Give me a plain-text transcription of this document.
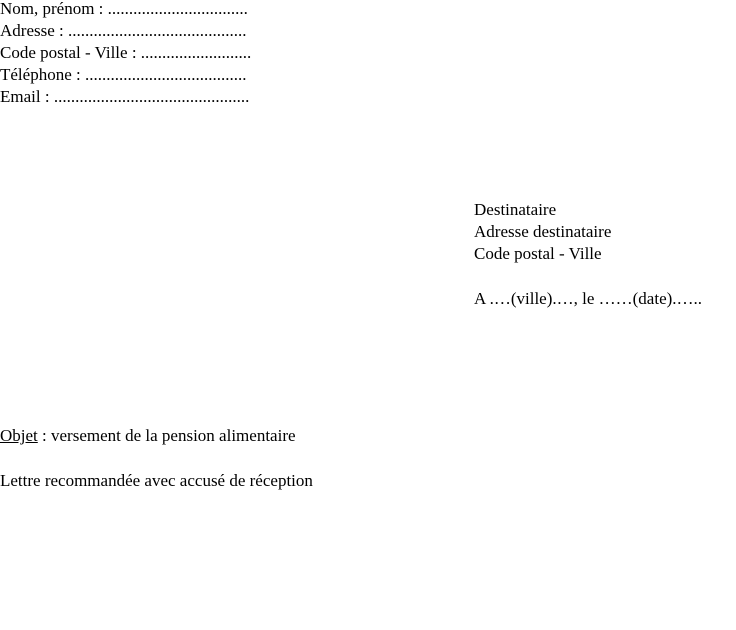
Nom, prénom : .................................
Adresse : ..........................................
Code postal - Ville : ..........................
Téléphone : ......................................
Email : ..............................................
Destinataire
Adresse destinataire
Code postal - Ville
A .…(ville).…, le ……(date).…..
Objet : versement de la pension alimentaire
Lettre recommandée avec accusé de réception
